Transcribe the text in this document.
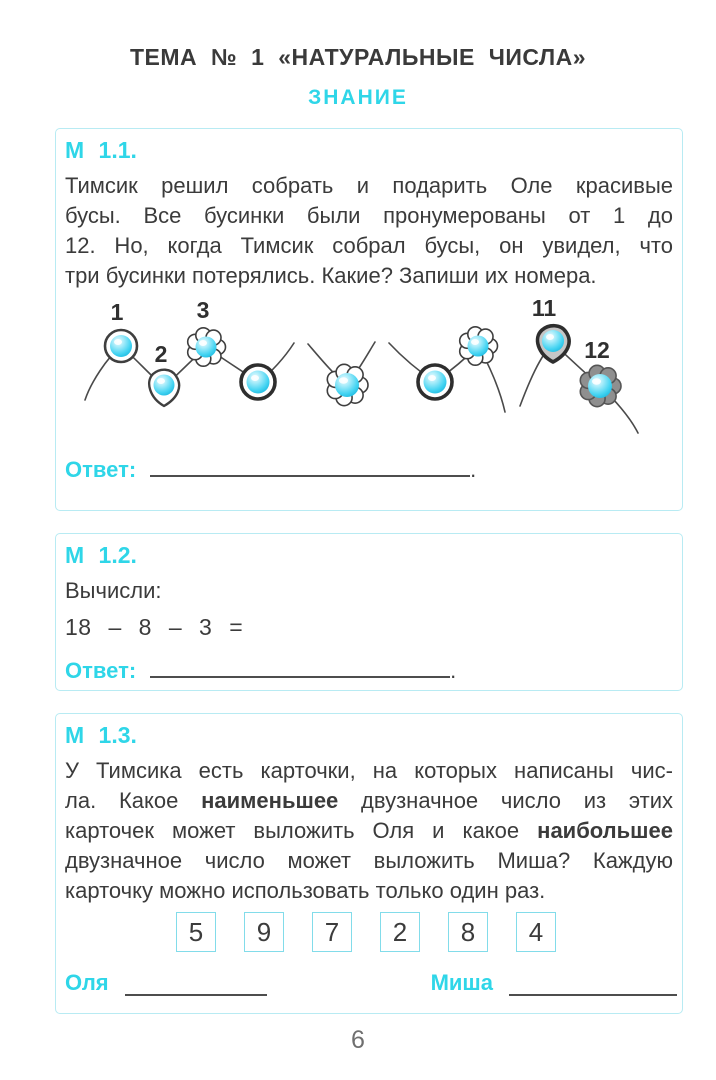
ТЕМА № 1 «НАТУРАЛЬНЫЕ ЧИСЛА»
ЗНАНИЕ
М 1.1.
Тимсик решил собрать и подарить Оле красивые
бусы. Все бусинки были пронумерованы от 1 до
12. Но, когда Тимсик собрал бусы, он увидел, что
три бусинки потерялись. Какие? Запиши их номера.
1
2
3	11
12
Ответ:	.
М 1.2.
Вычисли:
18 – 8 – 3 =
Ответ:	.
М 1.3.
У Тимсика есть карточки, на которых написаны чис-
ла. Какое наименьшее двузначное число из этих
карточек может выложить Оля и какое наибольшее
двузначное число может выложить Миша? Каждую
карточку можно использовать только один раз.
5	9	7	2	8	4
Оля	Миша
6
